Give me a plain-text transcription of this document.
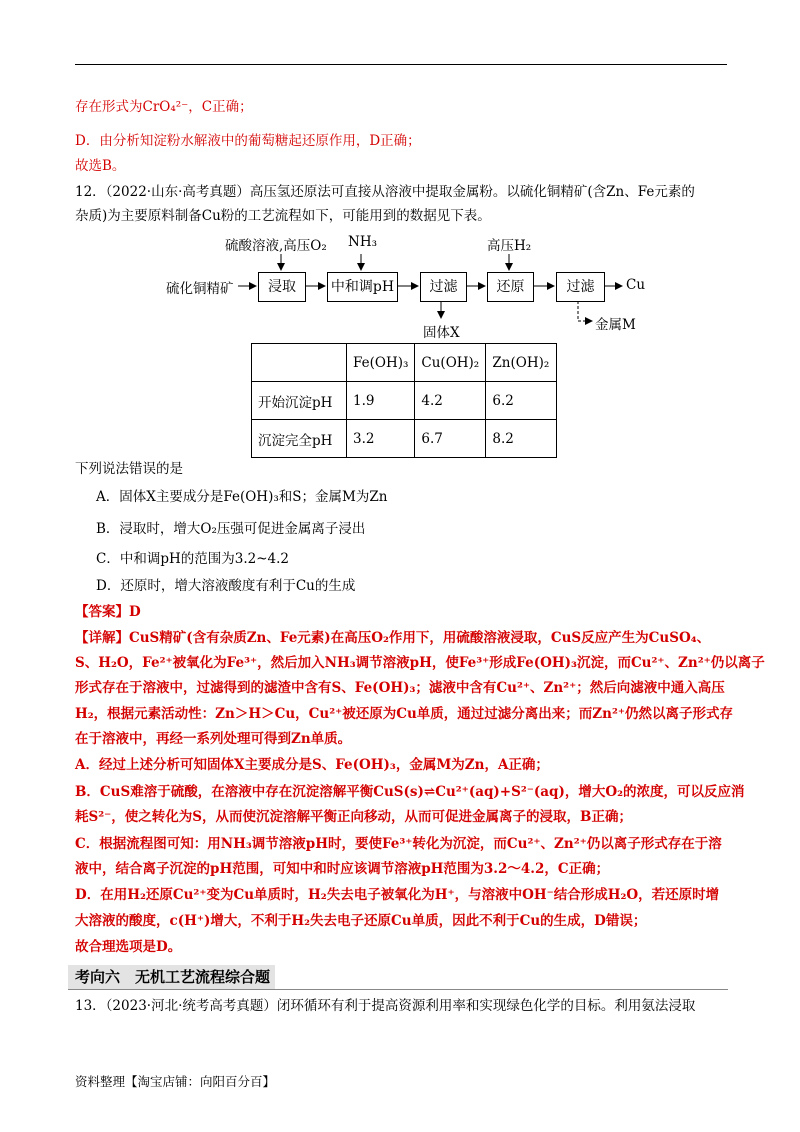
存在形式为CrO₄²⁻，C正确；
D．由分析知淀粉水解液中的葡萄糖起还原作用，D正确；
故选B。
12．（2022·山东·高考真题）高压氢还原法可直接从溶液中提取金属粉。以硫化铜精矿(含Zn、Fe元素的
杂质)为主要原料制备Cu粉的工艺流程如下，可能用到的数据见下表。
硫化铜精矿	浸取	中和调pH	过滤	还原	过滤	Cu
硫酸溶液,高压O₂ NH₃	高压H₂
固体X	金属M
	Fe(OH)₃	Cu(OH)₂	Zn(OH)₂
开始沉淀pH	1.9	4.2	6.2
沉淀完全pH	3.2	6.7	8.2
下列说法错误的是
A．固体X主要成分是Fe(OH)₃和S；金属M为Zn
B．浸取时，增大O₂压强可促进金属离子浸出
C．中和调pH的范围为3.2~4.2
D．还原时，增大溶液酸度有利于Cu的生成
【答案】D
【详解】CuS精矿(含有杂质Zn、Fe元素)在高压O₂作用下，用硫酸溶液浸取，CuS反应产生为CuSO₄、
S、H₂O，Fe²⁺被氧化为Fe³⁺，然后加入NH₃调节溶液pH，使Fe³⁺形成Fe(OH)₃沉淀，而Cu²⁺、Zn²⁺仍以离子
形式存在于溶液中，过滤得到的滤渣中含有S、Fe(OH)₃；滤液中含有Cu²⁺、Zn²⁺；然后向滤液中通入高压
H₂，根据元素活动性：Zn＞H＞Cu，Cu²⁺被还原为Cu单质，通过过滤分离出来；而Zn²⁺仍然以离子形式存
在于溶液中，再经一系列处理可得到Zn单质。
A．经过上述分析可知固体X主要成分是S、Fe(OH)₃，金属M为Zn，A正确；
B．CuS难溶于硫酸，在溶液中存在沉淀溶解平衡CuS(s)⇌Cu²⁺(aq)+S²⁻(aq)，增大O₂的浓度，可以反应消
耗S²⁻，使之转化为S，从而使沉淀溶解平衡正向移动，从而可促进金属离子的浸取，B正确；
C．根据流程图可知：用NH₃调节溶液pH时，要使Fe³⁺转化为沉淀，而Cu²⁺、Zn²⁺仍以离子形式存在于溶
液中，结合离子沉淀的pH范围，可知中和时应该调节溶液pH范围为3.2～4.2，C正确；
D．在用H₂还原Cu²⁺变为Cu单质时，H₂失去电子被氧化为H⁺，与溶液中OH⁻结合形成H₂O，若还原时增
大溶液的酸度，c(H⁺)增大，不利于H₂失去电子还原Cu单质，因此不利于Cu的生成，D错误；
故合理选项是D。
考向六　无机工艺流程综合题
13．（2023·河北·统考高考真题）闭环循环有利于提高资源利用率和实现绿色化学的目标。利用氨法浸取
资料整理【淘宝店铺：向阳百分百】
